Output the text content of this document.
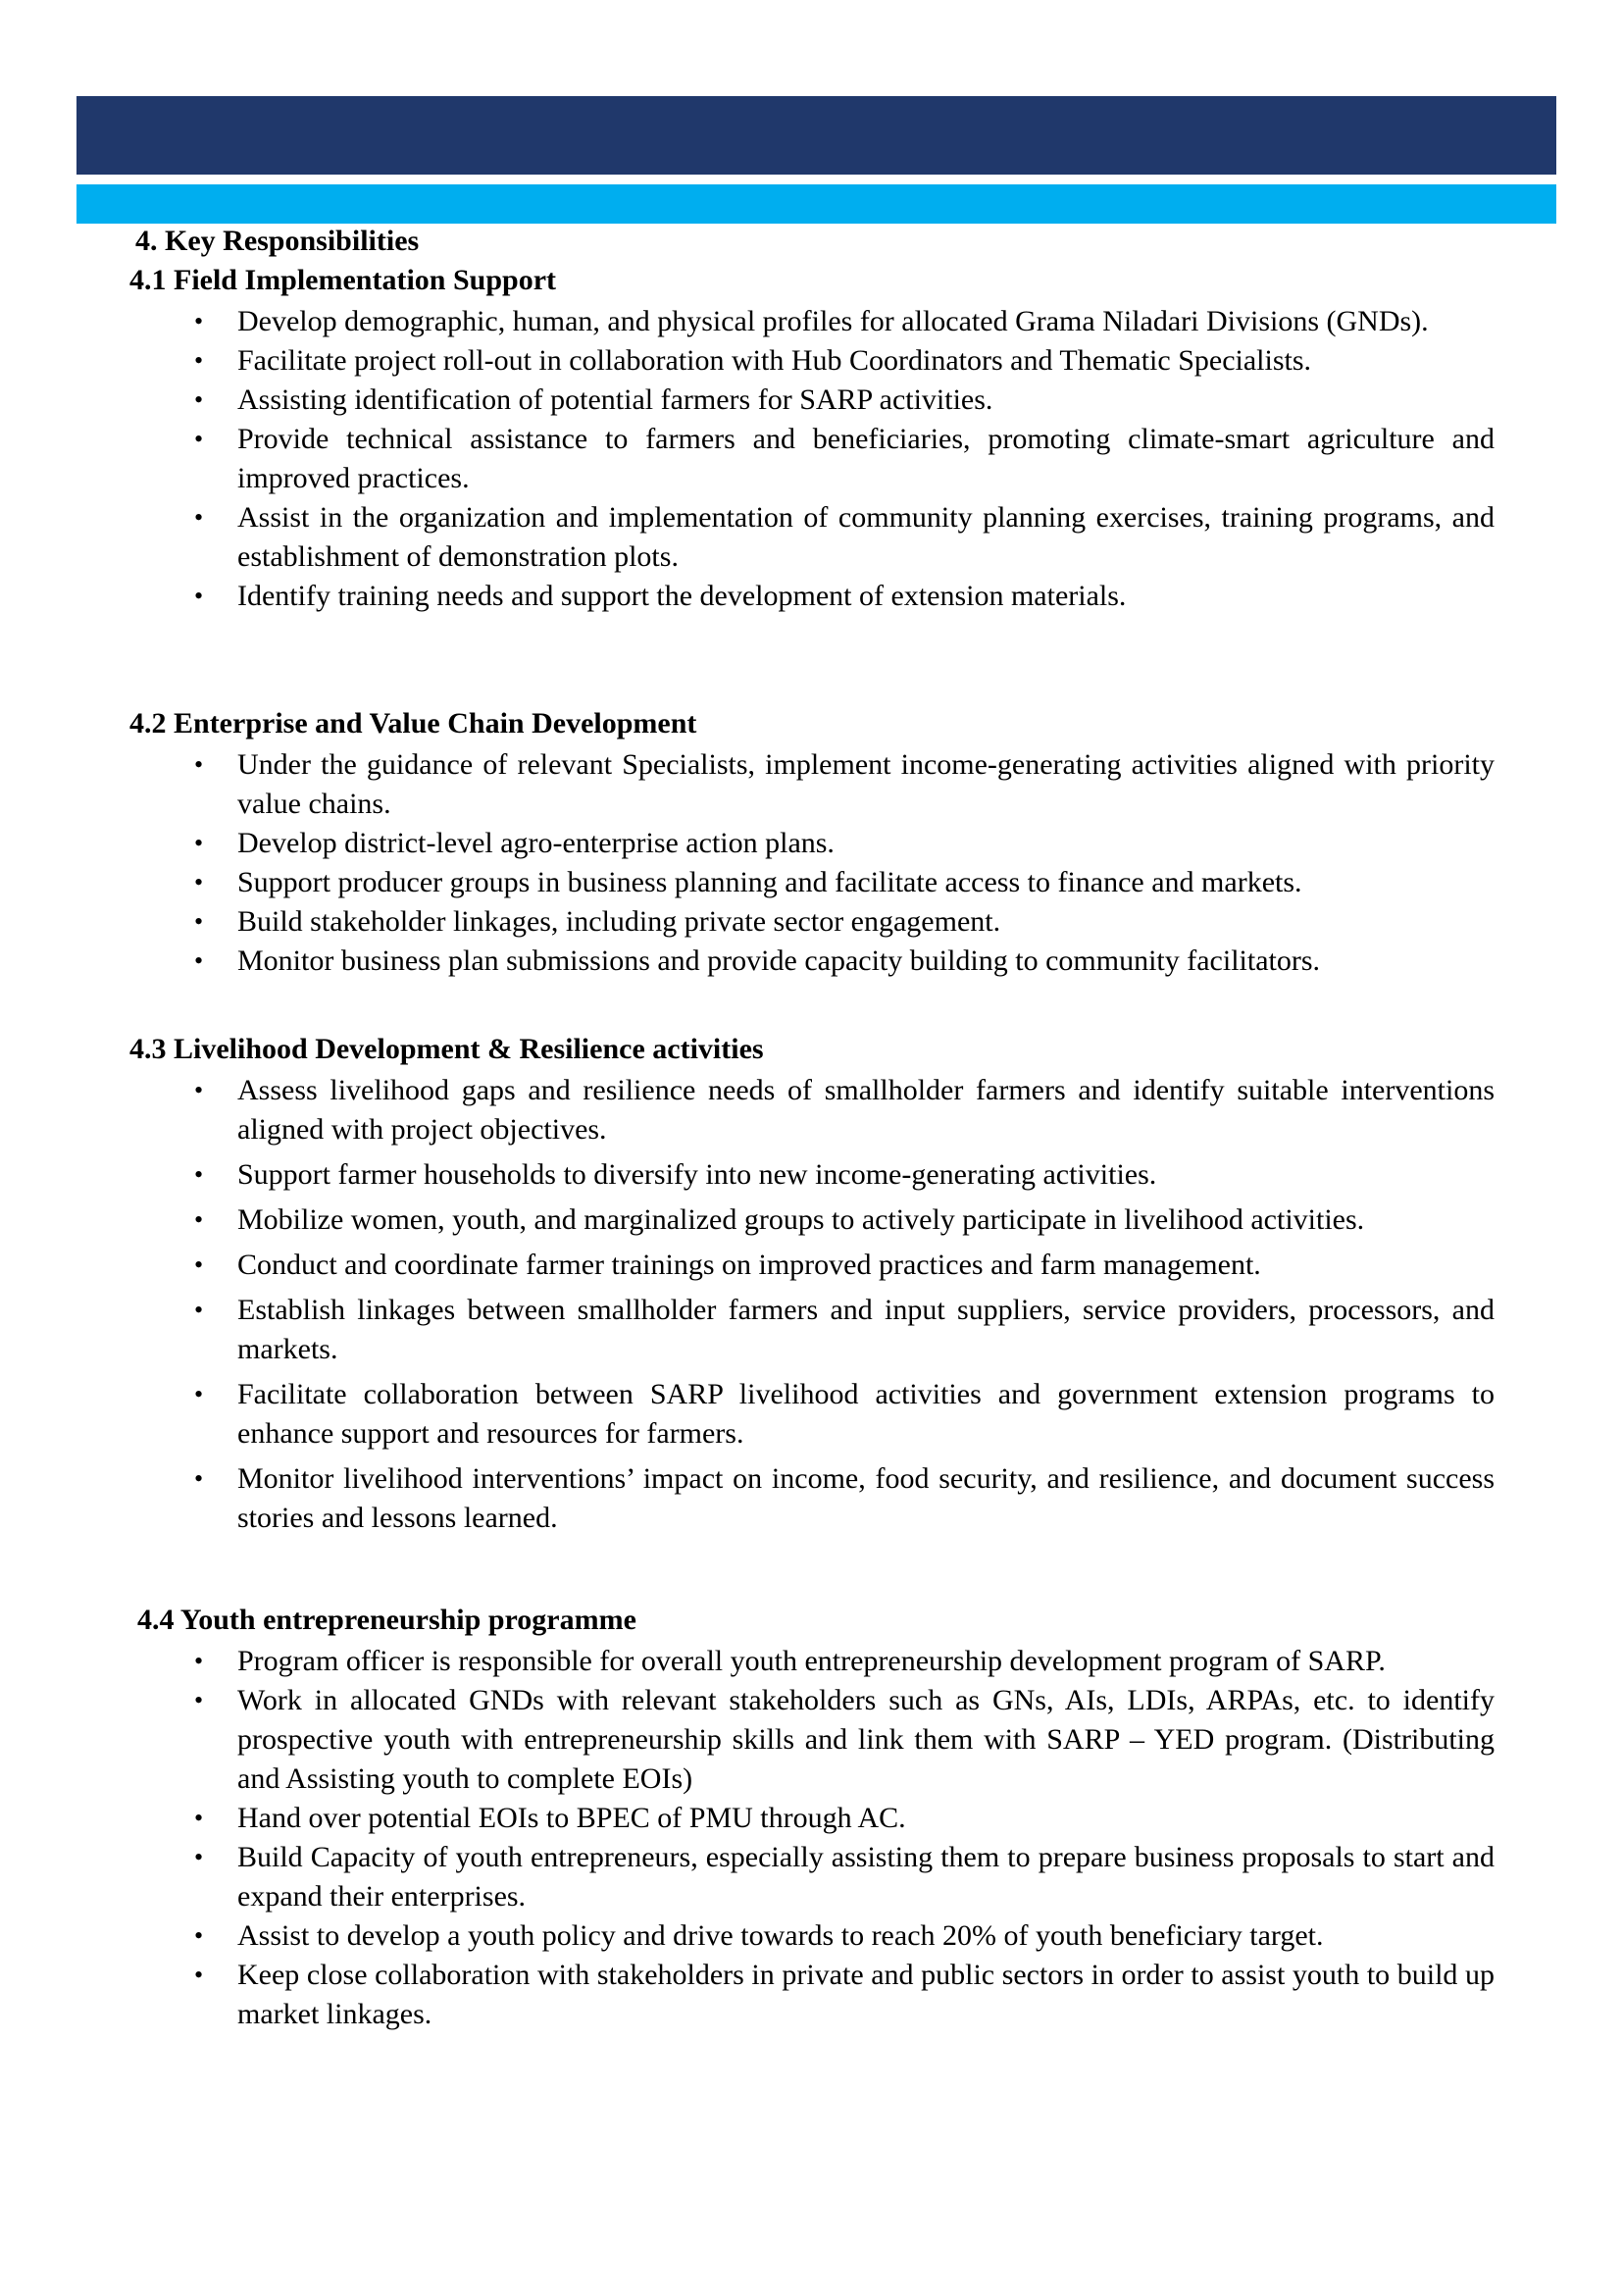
4. Key Responsibilities
4.1 Field Implementation Support
• Develop demographic, human, and physical profiles for allocated Grama Niladari Divisions (GNDs).
• Facilitate project roll-out in collaboration with Hub Coordinators and Thematic Specialists.
• Assisting identification of potential farmers for SARP activities.
• Provide technical assistance to farmers and beneficiaries, promoting climate-smart agriculture and improved practices.
• Assist in the organization and implementation of community planning exercises, training programs, and establishment of demonstration plots.
• Identify training needs and support the development of extension materials.
4.2 Enterprise and Value Chain Development
• Under the guidance of relevant Specialists, implement income-generating activities aligned with priority value chains.
• Develop district-level agro-enterprise action plans.
• Support producer groups in business planning and facilitate access to finance and markets.
• Build stakeholder linkages, including private sector engagement.
• Monitor business plan submissions and provide capacity building to community facilitators.
4.3 Livelihood Development & Resilience activities
• Assess livelihood gaps and resilience needs of smallholder farmers and identify suitable interventions aligned with project objectives.
• Support farmer households to diversify into new income-generating activities.
• Mobilize women, youth, and marginalized groups to actively participate in livelihood activities.
• Conduct and coordinate farmer trainings on improved practices and farm management.
• Establish linkages between smallholder farmers and input suppliers, service providers, processors, and markets.
• Facilitate collaboration between SARP livelihood activities and government extension programs to enhance support and resources for farmers.
• Monitor livelihood interventions’ impact on income, food security, and resilience, and document success stories and lessons learned.
4.4 Youth entrepreneurship programme
• Program officer is responsible for overall youth entrepreneurship development program of SARP.
• Work in allocated GNDs with relevant stakeholders such as GNs, AIs, LDIs, ARPAs, etc. to identify prospective youth with entrepreneurship skills and link them with SARP – YED program. (Distributing and Assisting youth to complete EOIs)
• Hand over potential EOIs to BPEC of PMU through AC.
• Build Capacity of youth entrepreneurs, especially assisting them to prepare business proposals to start and expand their enterprises.
• Assist to develop a youth policy and drive towards to reach 20% of youth beneficiary target.
• Keep close collaboration with stakeholders in private and public sectors in order to assist youth to build up market linkages.
